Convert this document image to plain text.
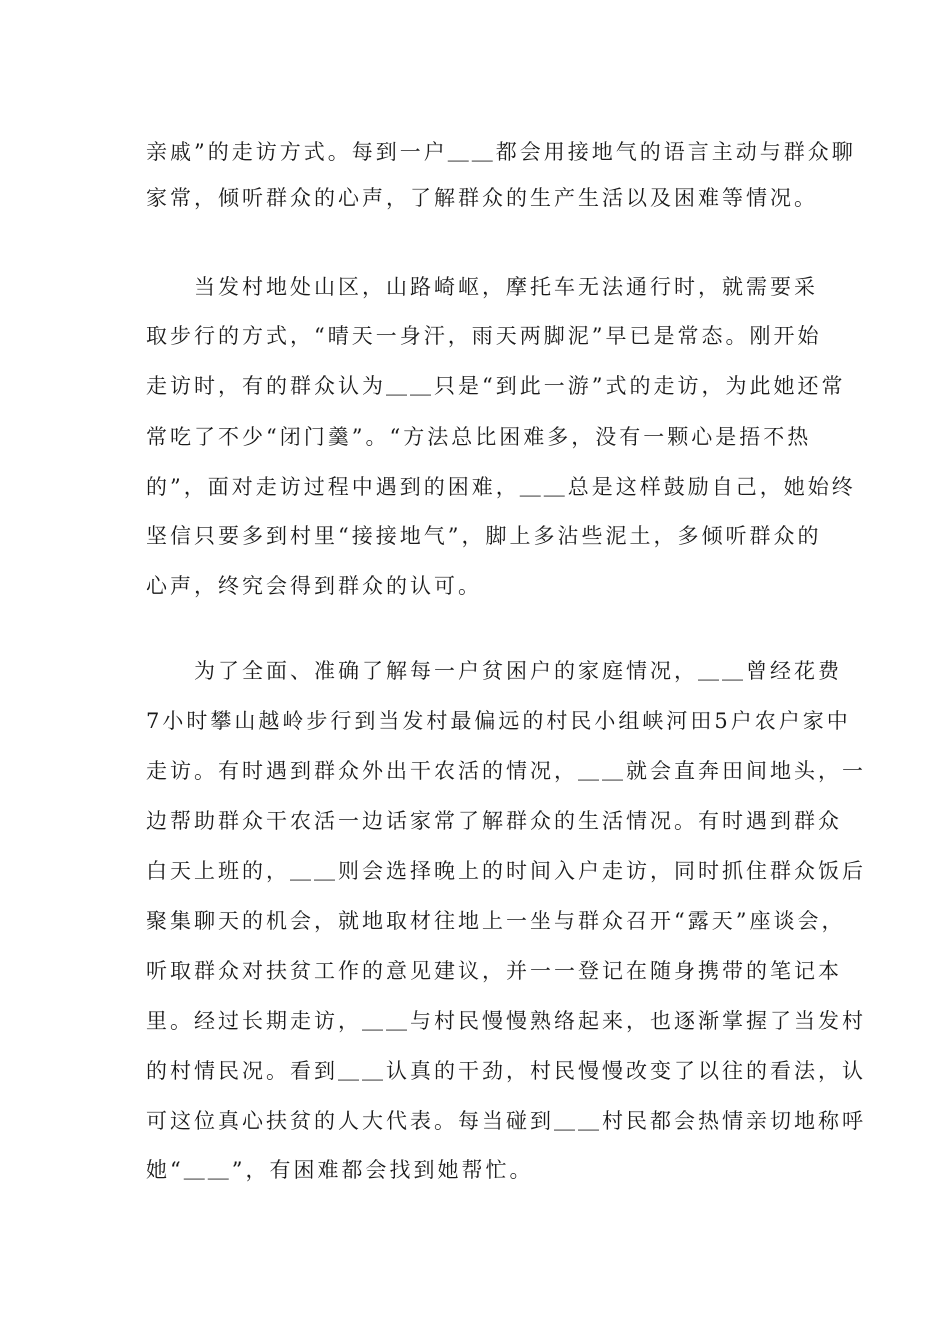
亲戚”的走访方式。每到一户＿＿都会用接地气的语言主动与群众聊
家常，倾听群众的心声，了解群众的生产生活以及困难等情况。
　　当发村地处山区，山路崎岖，摩托车无法通行时，就需要采
取步行的方式，“晴天一身汗，雨天两脚泥”早已是常态。刚开始
走访时，有的群众认为＿＿只是“到此一游”式的走访，为此她还常
常吃了不少“闭门羹”。“方法总比困难多，没有一颗心是捂不热
的”，面对走访过程中遇到的困难，＿＿总是这样鼓励自己，她始终
坚信只要多到村里“接接地气”，脚上多沾些泥土，多倾听群众的
心声，终究会得到群众的认可。
　　为了全面、准确了解每一户贫困户的家庭情况，＿＿曾经花费
7小时攀山越岭步行到当发村最偏远的村民小组峡河田5户农户家中
走访。有时遇到群众外出干农活的情况，＿＿就会直奔田间地头，一
边帮助群众干农活一边话家常了解群众的生活情况。有时遇到群众
白天上班的，＿＿则会选择晚上的时间入户走访，同时抓住群众饭后
聚集聊天的机会，就地取材往地上一坐与群众召开“露天”座谈会，
听取群众对扶贫工作的意见建议，并一一登记在随身携带的笔记本
里。经过长期走访，＿＿与村民慢慢熟络起来，也逐渐掌握了当发村
的村情民况。看到＿＿认真的干劲，村民慢慢改变了以往的看法，认
可这位真心扶贫的人大代表。每当碰到＿＿村民都会热情亲切地称呼
她“＿＿”，有困难都会找到她帮忙。
